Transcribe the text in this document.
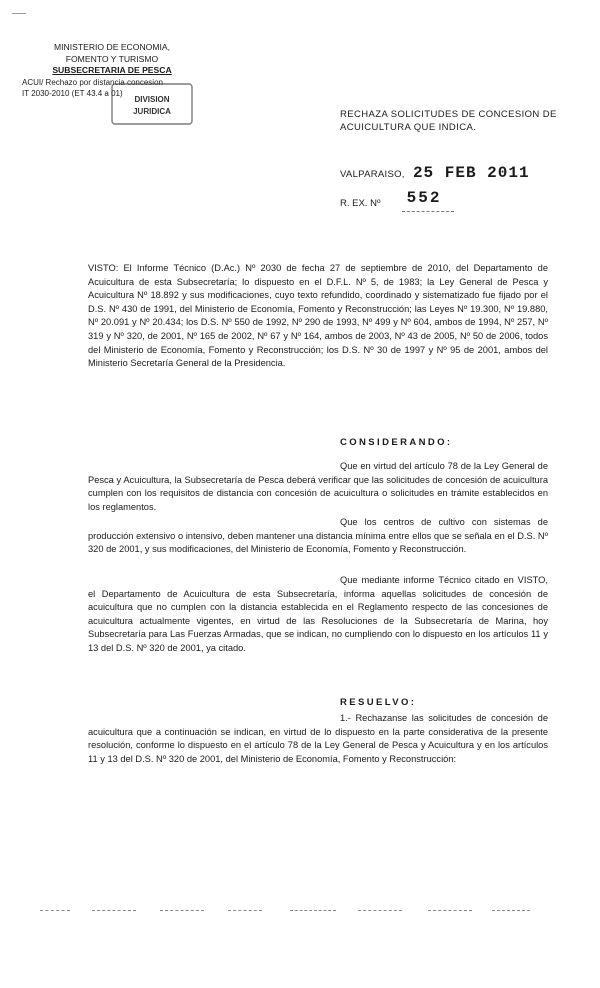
MINISTERIO DE ECONOMIA,
FOMENTO Y TURISMO
SUBSECRETARIA DE PESCA
ACUI/ Rechazo por distancia concesion
IT 2030-2010 (ET 43.4 a 01)
DIVISION
JURIDICA	RECHAZA SOLICITUDES DE CONCESION DE ACUICULTURA QUE INDICA.
VALPARAISO, 25 FEB 2011
R. EX. Nº 552
VISTO: El Informe Técnico (D.Ac.) Nº 2030 de fecha 27 de septiembre de 2010, del Departamento de Acuicultura de esta Subsecretaría; lo dispuesto en el D.F.L. Nº 5, de 1983; la Ley General de Pesca y Acuicultura Nº 18.892 y sus modificaciones, cuyo texto refundido, coordinado y sistematizado fue fijado por el D.S. Nº 430 de 1991, del Ministerio de Economía, Fomento y Reconstrucción; las Leyes Nº 19.300, Nº 19.880, Nº 20.091 y Nº 20.434; los D.S. Nº 550 de 1992, Nº 290 de 1993, Nº 499 y Nº 604, ambos de 1994, Nº 257, Nº 319 y Nº 320, de 2001, Nº 165 de 2002, Nº 67 y Nº 164, ambos de 2003, Nº 43 de 2005, Nº 50 de 2006, todos del Ministerio de Economía, Fomento y Reconstrucción; los D.S. Nº 30 de 1997 y Nº 95 de 2001, ambos del Ministerio Secretaría General de la Presidencia.
CONSIDERANDO:
Que en virtud del artículo 78 de la Ley General de Pesca y Acuicultura, la Subsecretaría de Pesca deberá verificar que las solicitudes de concesión de acuicultura cumplen con los requisitos de distancia con concesión de acuicultura o solicitudes en trámite establecidos en los reglamentos.
Que los centros de cultivo con sistemas de producción extensivo o intensivo, deben mantener una distancia mínima entre ellos que se señala en el D.S. Nº 320 de 2001, y sus modificaciones, del Ministerio de Economía, Fomento y Reconstrucción.
Que mediante informe Técnico citado en VISTO, el Departamento de Acuicultura de esta Subsecretaría, informa aquellas solicitudes de concesión de acuicultura que no cumplen con la distancia establecida en el Reglamento respecto de las concesiones de acuicultura actualmente vigentes, en virtud de las Resoluciones de la Subsecretaría de Marina, hoy Subsecretaría para Las Fuerzas Armadas, que se indican, no cumpliendo con lo dispuesto en los artículos 11 y 13 del D.S. Nº 320 de 2001, ya citado.
RESUELVO:
1.- Rechazanse las solicitudes de concesión de acuicultura que a continuación se indican, en virtud de lo dispuesto en la parte considerativa de la presente resolución, conforme lo dispuesto en el artículo 78 de la Ley General de Pesca y Acuicultura y en los artículos 11 y 13 del D.S. Nº 320 de 2001, del Ministerio de Economía, Fomento y Reconstrucción:
